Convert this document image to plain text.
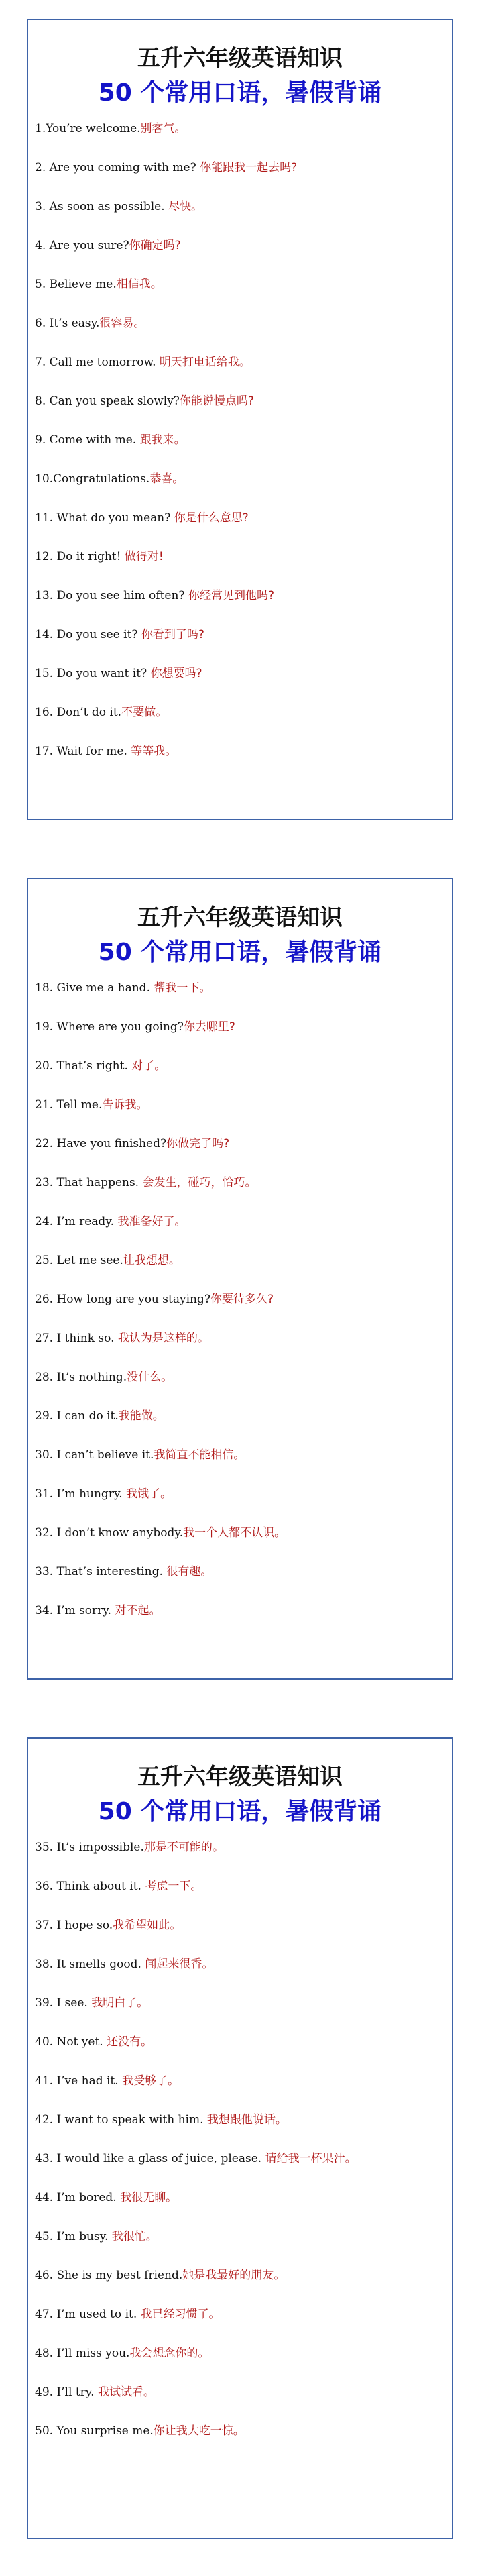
五升六年级英语知识
50 个常用口语，暑假背诵
1.You’re welcome.别客气。
2. Are you coming with me? 你能跟我一起去吗?
3. As soon as possible. 尽快。
4. Are you sure?你确定吗?
5. Believe me.相信我。
6. It’s easy.很容易。
7. Call me tomorrow. 明天打电话给我。
8. Can you speak slowly?你能说慢点吗?
9. Come with me. 跟我来。
10.Congratulations.恭喜。
11. What do you mean? 你是什么意思?
12. Do it right! 做得对!
13. Do you see him often? 你经常见到他吗?
14. Do you see it? 你看到了吗?
15. Do you want it? 你想要吗?
16. Don’t do it.不要做。
17. Wait for me. 等等我。
五升六年级英语知识
50 个常用口语，暑假背诵
18. Give me a hand. 帮我一下。
19. Where are you going?你去哪里?
20. That’s right. 对了。
21. Tell me.告诉我。
22. Have you finished?你做完了吗?
23. That happens. 会发生，碰巧，恰巧。
24. I’m ready. 我准备好了。
25. Let me see.让我想想。
26. How long are you staying?你要待多久?
27. I think so. 我认为是这样的。
28. It’s nothing.没什么。
29. I can do it.我能做。
30. I can’t believe it.我简直不能相信。
31. I’m hungry. 我饿了。
32. I don’t know anybody.我一个人都不认识。
33. That’s interesting. 很有趣。
34. I’m sorry. 对不起。
五升六年级英语知识
50 个常用口语，暑假背诵
35. It’s impossible.那是不可能的。
36. Think about it. 考虑一下。
37. I hope so.我希望如此。
38. It smells good. 闻起来很香。
39. I see. 我明白了。
40. Not yet. 还没有。
41. I’ve had it. 我受够了。
42. I want to speak with him. 我想跟他说话。
43. I would like a glass of juice, please. 请给我一杯果汁。
44. I’m bored. 我很无聊。
45. I’m busy. 我很忙。
46. She is my best friend.她是我最好的朋友。
47. I’m used to it. 我已经习惯了。
48. I’ll miss you.我会想念你的。
49. I’ll try. 我试试看。
50. You surprise me.你让我大吃一惊。
